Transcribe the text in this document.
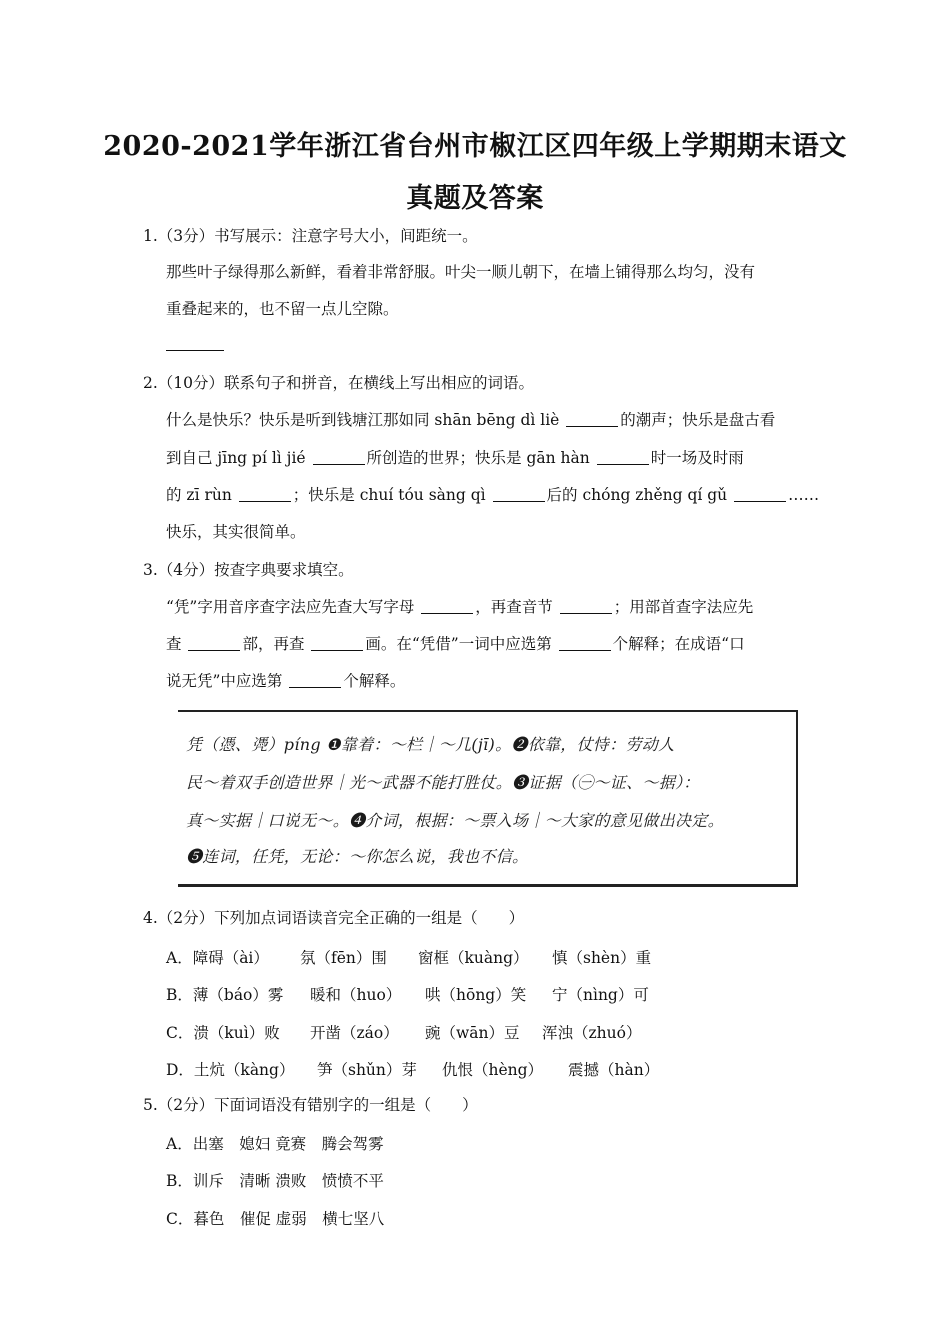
2020-2021学年浙江省台州市椒江区四年级上学期期末语文
真题及答案
1.（3分）书写展示：注意字号大小，间距统一。
那些叶子绿得那么新鲜，看着非常舒服。叶尖一顺儿朝下，在墙上铺得那么均匀，没有
重叠起来的，也不留一点儿空隙。
2.（10分）联系句子和拼音，在横线上写出相应的词语。
什么是快乐？快乐是听到钱塘江那如同 shān bēng dì liè	的潮声；快乐是盘古看
到自己 jīng pí lì jié	所创造的世界；快乐是 gān hàn	时一场及时雨
的 zī rùn	；快乐是 chuí tóu sàng qì	后的 chóng zhěng qí gǔ	……
快乐，其实很简单。
3.（4分）按查字典要求填空。
“凭”字用音序查字法应先查大写字母	，再查音节	；用部首查字法应先
查	部，再查	画。在“凭借”一词中应选第	个解释；在成语“口
说无凭”中应选第	个解释。
凭（憑、凴）píng ❶靠着：～栏｜～几(jī)。❷依靠，仗恃：劳动人
民～着双手创造世界｜光～武器不能打胜仗。❸证据（㊀～证、～据）：
真～实据｜口说无～。❹介词，根据：～票入场｜～大家的意见做出决定。
❺连词，任凭，无论：～你怎么说，我也不信。
4.（2分）下列加点词语读音完全正确的一组是（　　）
A．障碍（ài） 氛（fēn）围 窗框（kuàng） 慎（shèn）重
B．薄（báo）雾 暖和（huo） 哄（hōng）笑 宁（nìng）可
C．溃（kuì）败 开凿（záo） 豌（wān）豆 浑浊（zhuó）
D．土炕（kàng） 笋（shǔn）芽 仇恨（hèng） 震撼（hàn）
5.（2分）下面词语没有错别字的一组是（　　）
A．出塞　媳妇 竟赛　腾会驾雾
B．训斥　清晰 溃败　愤愤不平
C．暮色　催促 虚弱　横七坚八
